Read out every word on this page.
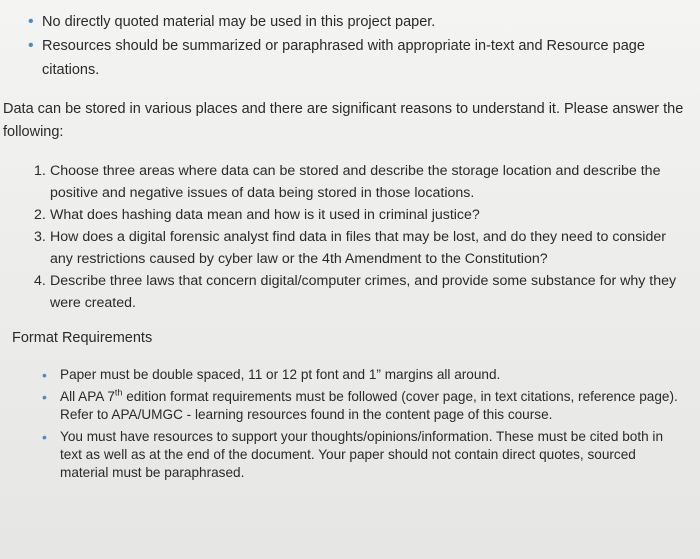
• No directly quoted material may be used in this project paper.
• Resources should be summarized or paraphrased with appropriate in-text and Resource page citations.
Data can be stored in various places and there are significant reasons to understand it. Please answer the following:
1. Choose three areas where data can be stored and describe the storage location and describe the positive and negative issues of data being stored in those locations.
2. What does hashing data mean and how is it used in criminal justice?
3. How does a digital forensic analyst find data in files that may be lost, and do they need to consider any restrictions caused by cyber law or the 4th Amendment to the Constitution?
4. Describe three laws that concern digital/computer crimes, and provide some substance for why they were created.
Format Requirements
• Paper must be double spaced, 11 or 12 pt font and 1” margins all around.
• All APA 7th edition format requirements must be followed (cover page, in text citations, reference page). Refer to APA/UMGC - learning resources found in the content page of this course.
• You must have resources to support your thoughts/opinions/information. These must be cited both in text as well as at the end of the document. Your paper should not contain direct quotes, sourced material must be paraphrased.
